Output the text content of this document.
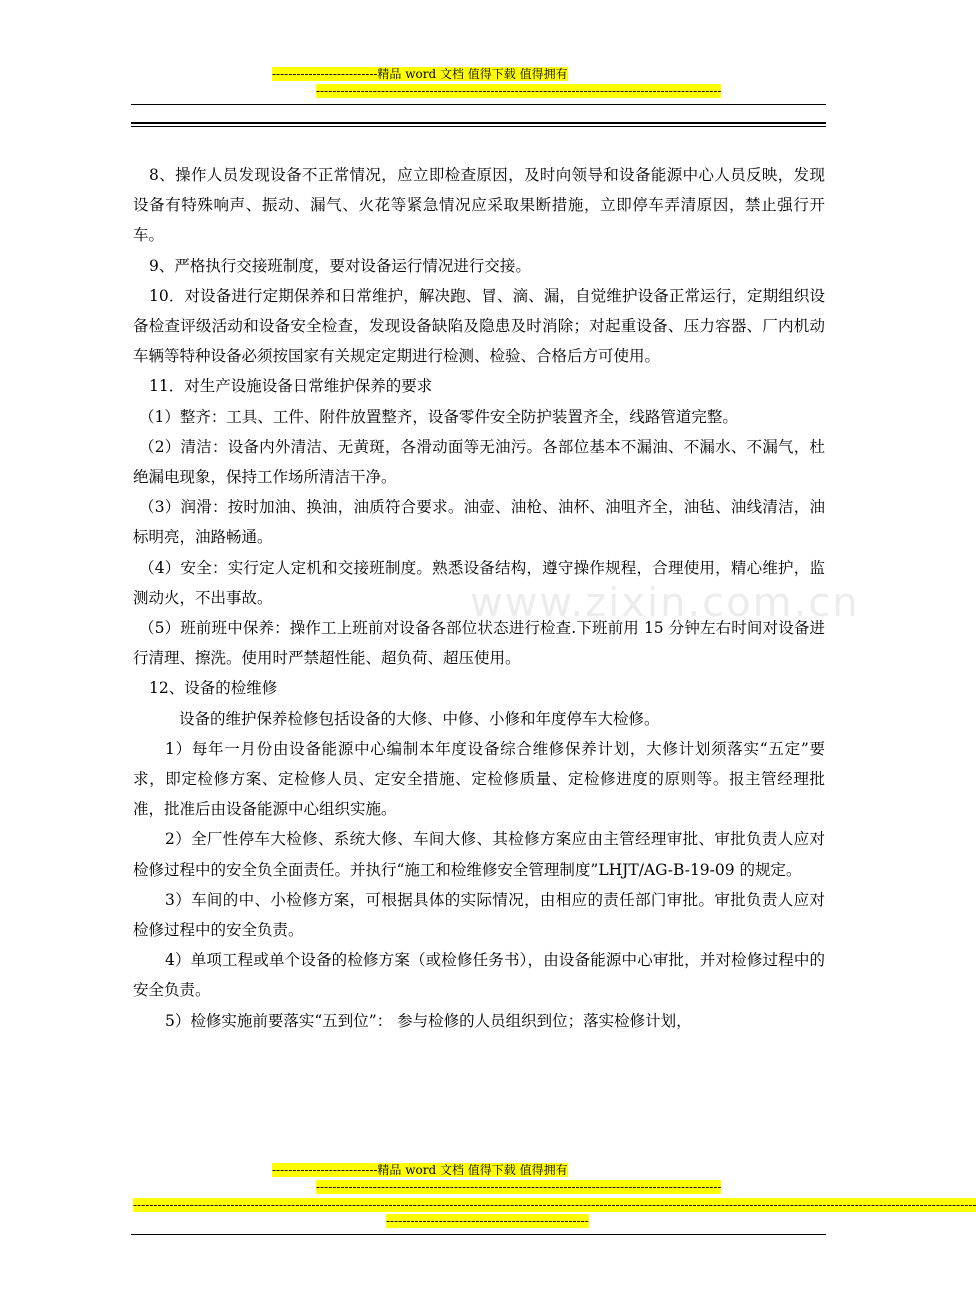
--------------------------精品 word 文档 值得下载 值得拥有
----------------------------------------------------------------------------------------------------
www.zixin.com.cn

8、操作人员发现设备不正常情况，应立即检查原因，及时向领导和设备能源中心人员反映，发现设备有特殊响声、振动、漏气、火花等紧急情况应采取果断措施，立即停车弄清原因，禁止强行开车。

9、严格执行交接班制度，要对设备运行情况进行交接。

10．对设备进行定期保养和日常维护，解决跑、冒、滴、漏，自觉维护设备正常运行，定期组织设备检查评级活动和设备安全检查，发现设备缺陷及隐患及时消除；对起重设备、压力容器、厂内机动车辆等特种设备必须按国家有关规定定期进行检测、检验、合格后方可使用。

11．对生产设施设备日常维护保养的要求

（1）整齐：工具、工件、附件放置整齐，设备零件安全防护装置齐全，线路管道完整。

（2）清洁：设备内外清洁、无黄斑，各滑动面等无油污。各部位基本不漏油、不漏水、不漏气，杜绝漏电现象，保持工作场所清洁干净。

（3）润滑：按时加油、换油，油质符合要求。油壶、油枪、油杯、油咀齐全，油毡、油线清洁，油标明亮，油路畅通。

（4）安全：实行定人定机和交接班制度。熟悉设备结构，遵守操作规程，合理使用，精心维护，监测动火，不出事故。

（5）班前班中保养：操作工上班前对设备各部位状态进行检查.下班前用 15 分钟左右时间对设备进行清理、擦洗。使用时严禁超性能、超负荷、超压使用。

12、设备的检维修

设备的维护保养检修包括设备的大修、中修、小修和年度停车大检修。

1）每年一月份由设备能源中心编制本年度设备综合维修保养计划，大修计划须落实“五定”要求，即定检修方案、定检修人员、定安全措施、定检修质量、定检修进度的原则等。报主管经理批准，批准后由设备能源中心组织实施。

2）全厂性停车大检修、系统大修、车间大修、其检修方案应由主管经理审批、审批负责人应对检修过程中的安全负全面责任。并执行“施工和检维修安全管理制度”LHJT/AG-B-19-09 的规定。

3）车间的中、小检修方案，可根据具体的实际情况，由相应的责任部门审批。审批负责人应对检修过程中的安全负责。

4）单项工程或单个设备的检修方案（或检修任务书），由设备能源中心审批，并对检修过程中的安全负责。

5）检修实施前要落实“五到位”： 参与检修的人员组织到位；落实检修计划，

--------------------------精品 word 文档 值得下载 值得拥有
----------------------------------------------------------------------------------------------------
----------------------------------------------------------------------------------------------------------------------------------------------------------------------------------------------------------------
--------------------------------------------------
